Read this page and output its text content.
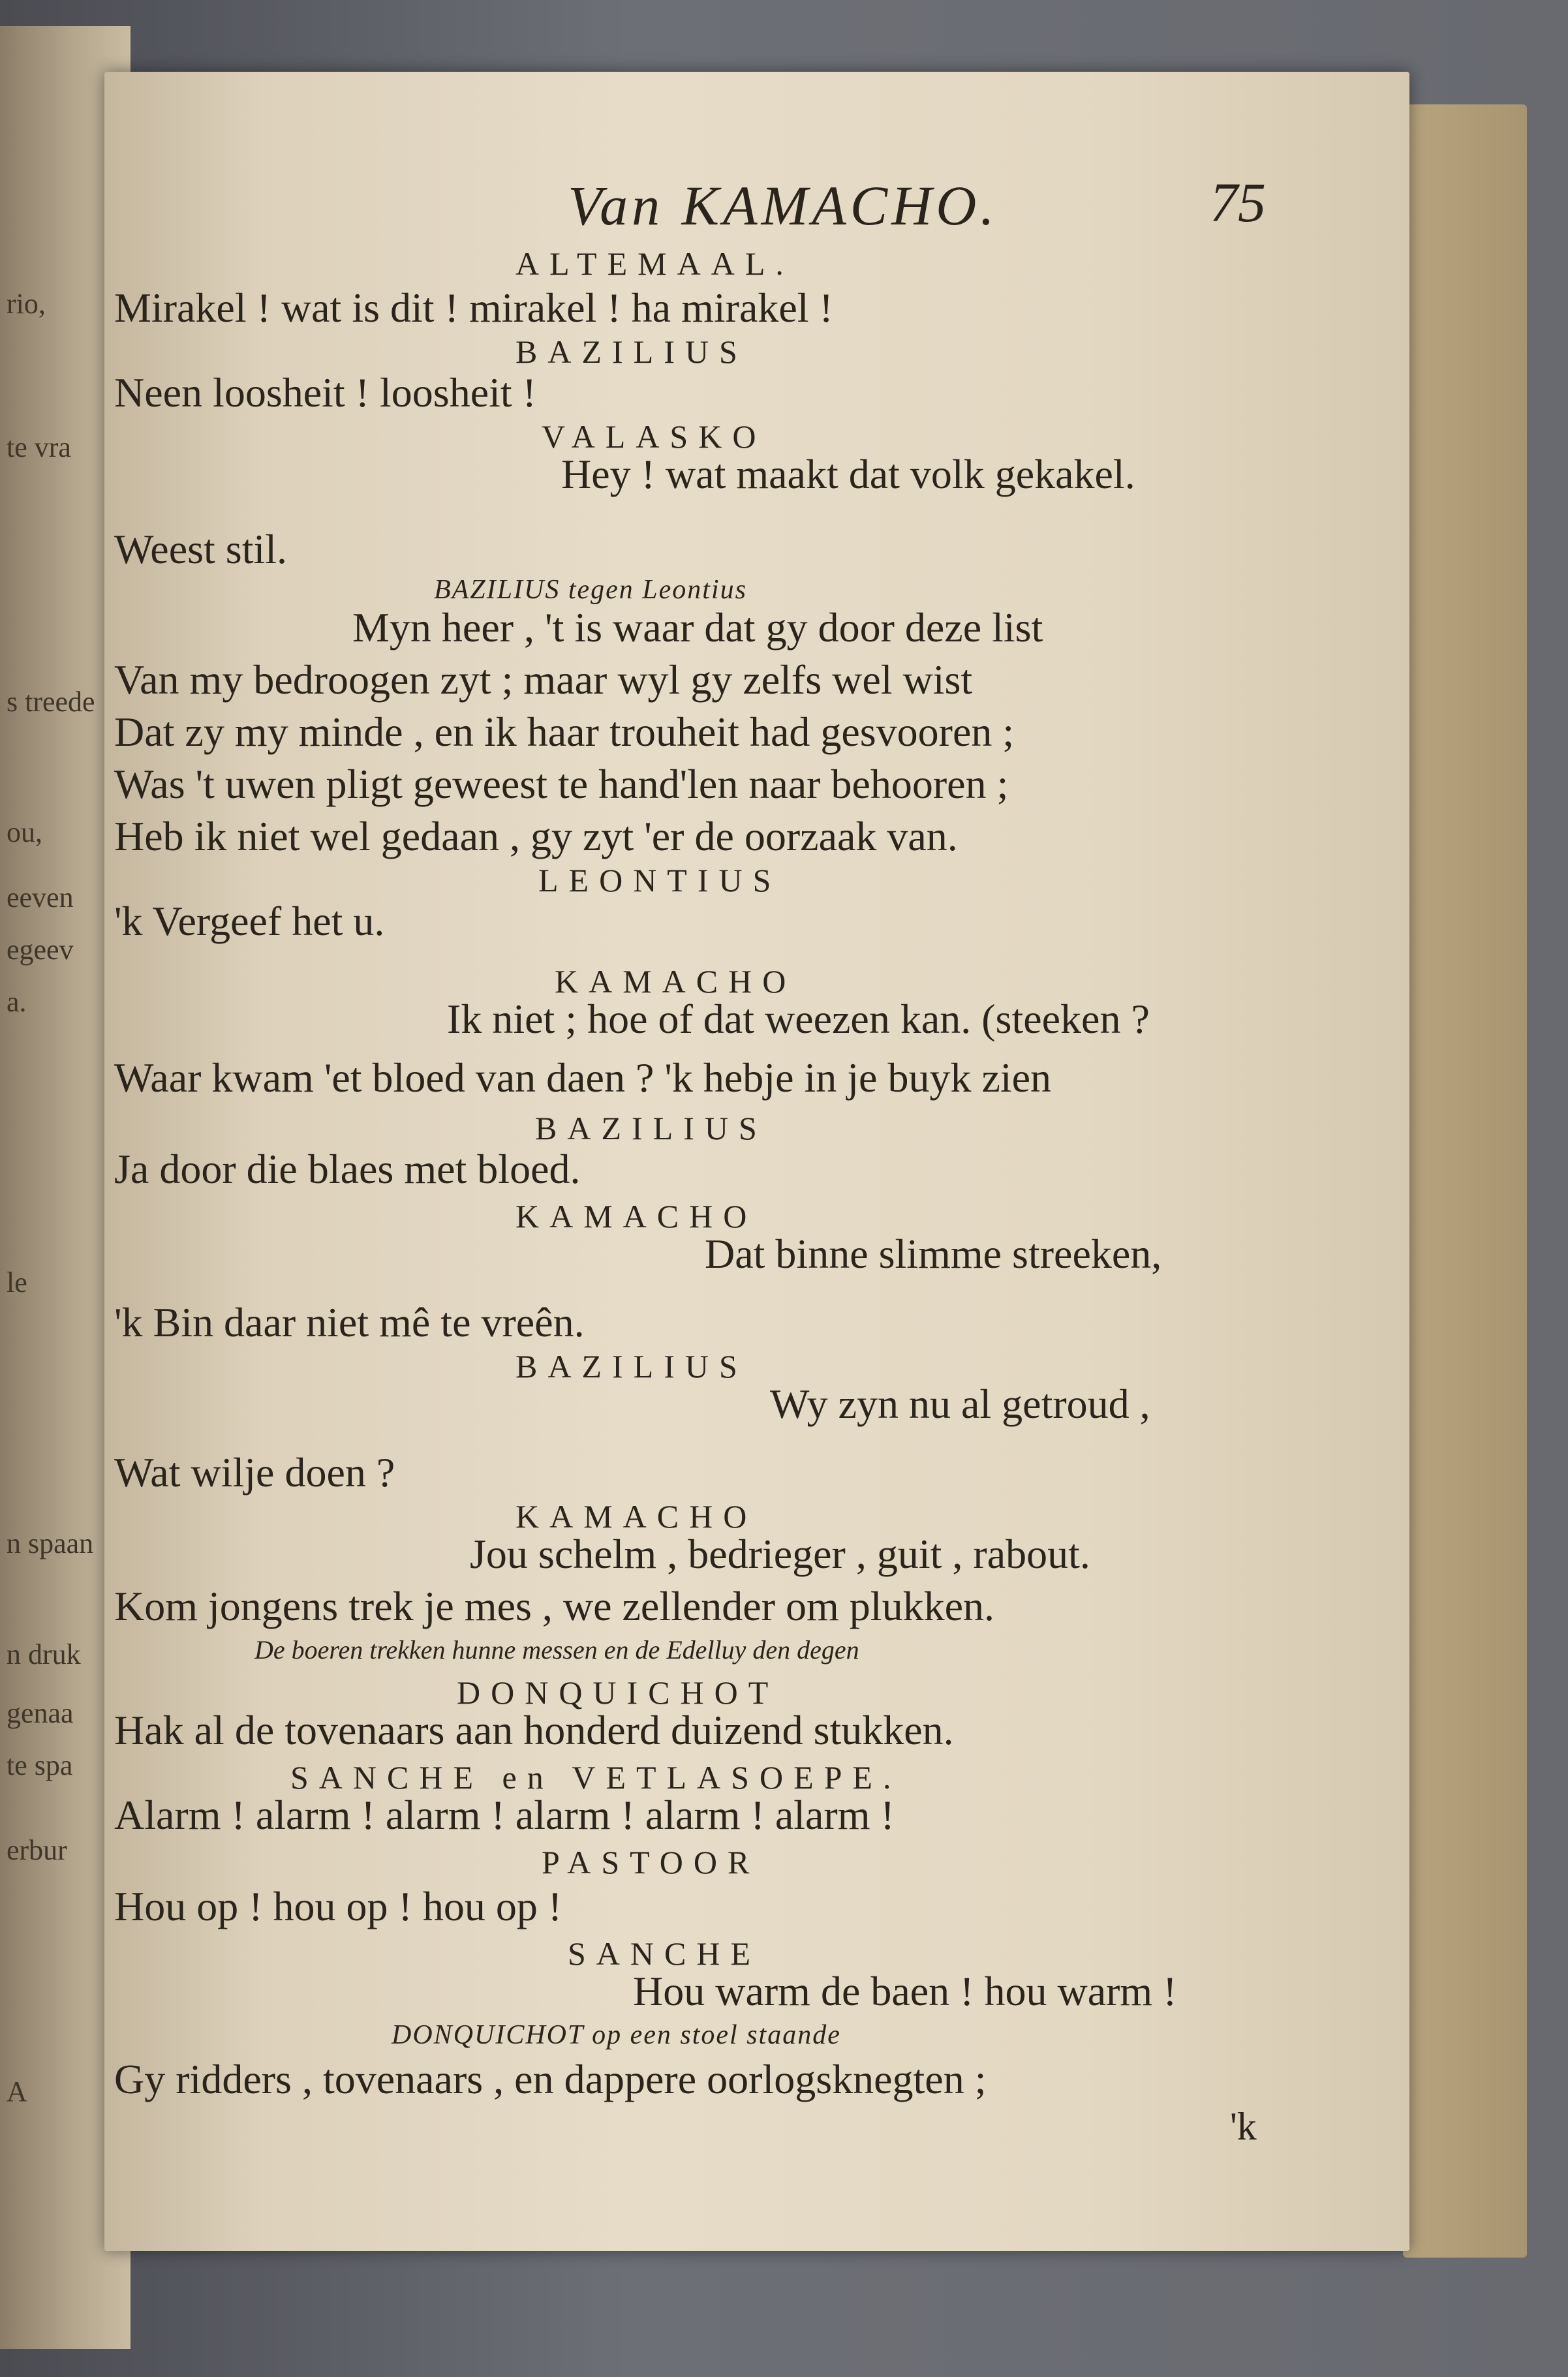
rio,
te vra
s treede
ou,
eeven
egeev
a.
le
n spaan
n druk
genaa
te spa
erbur
A
Van KAMACHO.	75
ALTEMAAL.
Mirakel ! wat is dit ! mirakel ! ha mirakel !
BAZILIUS
Neen loosheit ! loosheit !
VALASKO
Hey ! wat maakt dat volk gekakel.
Weest stil.
BAZILIUS tegen Leontius
Myn heer , 't is waar dat gy door deze list
Van my bedroogen zyt ; maar wyl gy zelfs wel wist
Dat zy my minde , en ik haar trouheit had gesvooren ;
Was 't uwen pligt geweest te hand'len naar behooren ;
Heb ik niet wel gedaan , gy zyt 'er de oorzaak van.
LEONTIUS
'k Vergeef het u.
KAMACHO
Ik niet ; hoe of dat weezen kan. (steeken ?
Waar kwam 'et bloed van daen ? 'k hebje in je buyk zien
BAZILIUS
Ja door die blaes met bloed.
KAMACHO
Dat binne slimme streeken,
'k Bin daar niet mê te vreên.
BAZILIUS
Wy zyn nu al getroud ,
Wat wilje doen ?
KAMACHO
Jou schelm , bedrieger , guit , rabout.
Kom jongens trek je mes , we zellender om plukken.
De boeren trekken hunne messen en de Edelluy den degen
DONQUICHOT
Hak al de tovenaars aan honderd duizend stukken.
SANCHE en VETLASOEPE.
Alarm ! alarm ! alarm ! alarm ! alarm ! alarm !
PASTOOR
Hou op ! hou op ! hou op !
SANCHE
Hou warm de baen ! hou warm !
DONQUICHOT op een stoel staande
Gy ridders , tovenaars , en dappere oorlogsknegten ;
'k
